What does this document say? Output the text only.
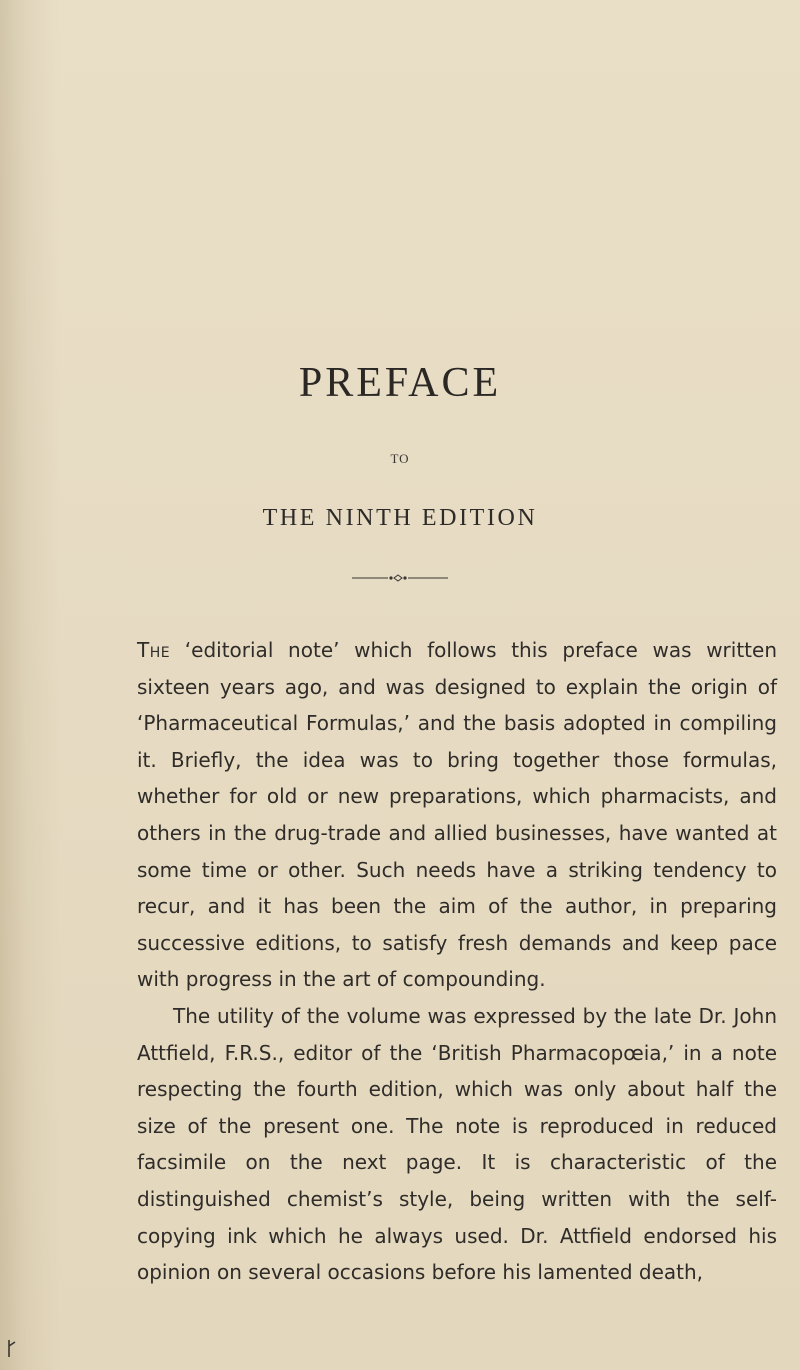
PREFACE
TO
THE NINTH EDITION

The ‘editorial note’ which follows this preface was written sixteen years ago, and was designed to explain the origin of ‘Pharmaceutical Formulas,’ and the basis adopted in compiling it. Briefly, the idea was to bring together those formulas, whether for old or new preparations, which pharmacists, and others in the drug-trade and allied businesses, have wanted at some time or other. Such needs have a striking tendency to recur, and it has been the aim of the author, in preparing successive editions, to satisfy fresh demands and keep pace with progress in the art of compounding.

The utility of the volume was expressed by the late Dr. John Attfield, F.R.S., editor of the ‘British Pharmacopœia,’ in a note respecting the fourth edition, which was only about half the size of the present one. The note is reproduced in reduced facsimile on the next page. It is characteristic of the distinguished chemist’s style, being written with the self-copying ink which he always used. Dr. Attfield endorsed his opinion on several occasions before his lamented death,
